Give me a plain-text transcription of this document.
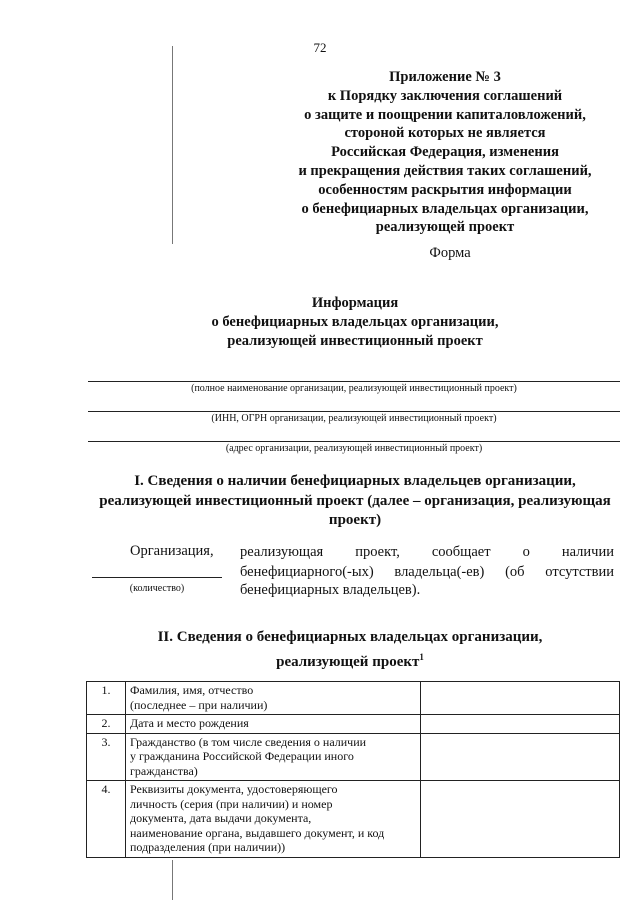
72
Приложение № 3
к Порядку заключения соглашений
о защите и поощрении капиталовложений,
стороной которых не является
Российская Федерация, изменения
и прекращения действия таких соглашений,
особенностям раскрытия информации
о бенефициарных владельцах организации,
реализующей проект
Форма
Информация
о бенефициарных владельцах организации,
реализующей инвестиционный проект
(полное наименование организации, реализующей инвестиционный проект)
(ИНН, ОГРН организации, реализующей инвестиционный проект)
(адрес организации, реализующей инвестиционный проект)
I. Сведения о наличии бенефициарных владельцев организации,
реализующей инвестиционный проект (далее – организация, реализующая
проект)
Организация, реализующая проект, сообщает о наличии
бенефициарного(-ых) владельца(-ев) (об отсутствии
бенефициарных владельцев).
(количество)
II. Сведения о бенефициарных владельцах организации,
реализующей проект$^1$
1.	Фамилия, имя, отчество
(последнее – при наличии)	
2.	Дата и место рождения	
3.	Гражданство (в том числе сведения о наличии
у гражданина Российской Федерации иного
гражданства)	
4.	Реквизиты документа, удостоверяющего
личность (серия (при наличии) и номер
документа, дата выдачи документа,
наименование органа, выдавшего документ, и код
подразделения (при наличии))	
